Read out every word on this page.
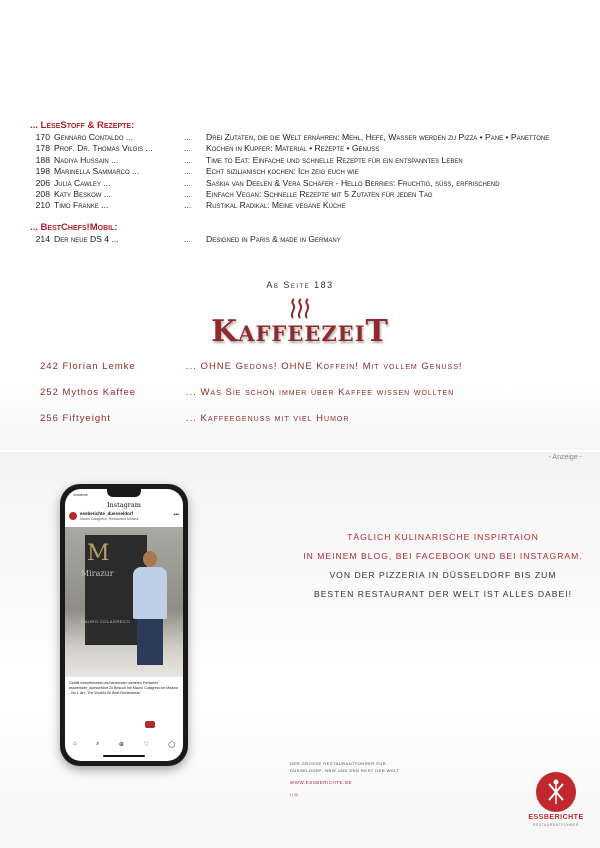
... LeseStoff & Rezepte:
170 Gennaro Contaldo ...	...	Drei Zutaten, die die Welt ernähren: Mehl, Hefe, Wasser werden zu Pizza • Pane • Panettone
178 Prof. Dr. Thomas Vilgis ...	...	Kochen in Kupfer: Material • Rezepte • Genuss
188 Nadiya Hussain ...	...	Time to Eat: Einfache und schnelle Rezepte für ein entspanntes Leben
198 Marinella Sammarco ...	...	Echt sizilianisch kochen: Ich zeig euch wie
206 Julia Cawley ...	...	Saskia van Deelen & Vera Schäfer - Hello Berries: Fruchtig, süss, erfrischend
208 Katy Beskow ...	...	Einfach Vegan: Schnelle Rezepte mit 5 Zutaten für jeden Tag
210 Timo Franke ...	...	Rustikal Radikal: Meine vegane Küche
... BestChefs!Mobil:
214 Der neue DS 4 ...	...	Designed in Paris & made in Germany
Ab Seite 183
KaffeezeiT
242 Florian Lemke	... OHNE Gedöns! OHNE Koffein! Mit vollem Genuss!
252 Mythos Kaffee	... Was Sie schon immer über Kaffee wissen wollten
256 Fiftyeight	... Kaffeegenuss mit viel Humor
- Anzeige -
Vodafone
Instagram
essberichte_duesseldorf
Mauro Colagreco, Restaurant Mirazur
•••
M
Mirazur
MAURO COLAGRECO
Gefällt bestofthewest und tausenden weiteren Personen
essberichte_duesseldorf Zu Besuch bei Mauro Colagreco im Mirazur - No.1 der „The World's 50 Best Restaurants"
⌂	⌕	⊕	♡	◯
TÄGLICH KULINARISCHE INSPIRTAION
IN MEINEM BLOG, BEI FACEBOOK UND BEI INSTAGRAM.
VON DER PIZZERIA IN DÜSSELDORF BIS ZUM
BESTEN RESTAURANT DER WELT IST ALLES DABEI!
DER GROSSE RESTAURANTFÜHRER FÜR
DÜSSELDORF, NRW UND DEN REST DER WELT
WWW.ESSBERICHTE.DE
f | ◎
ESSBERICHTE
RESTAURANTFÜHRER
